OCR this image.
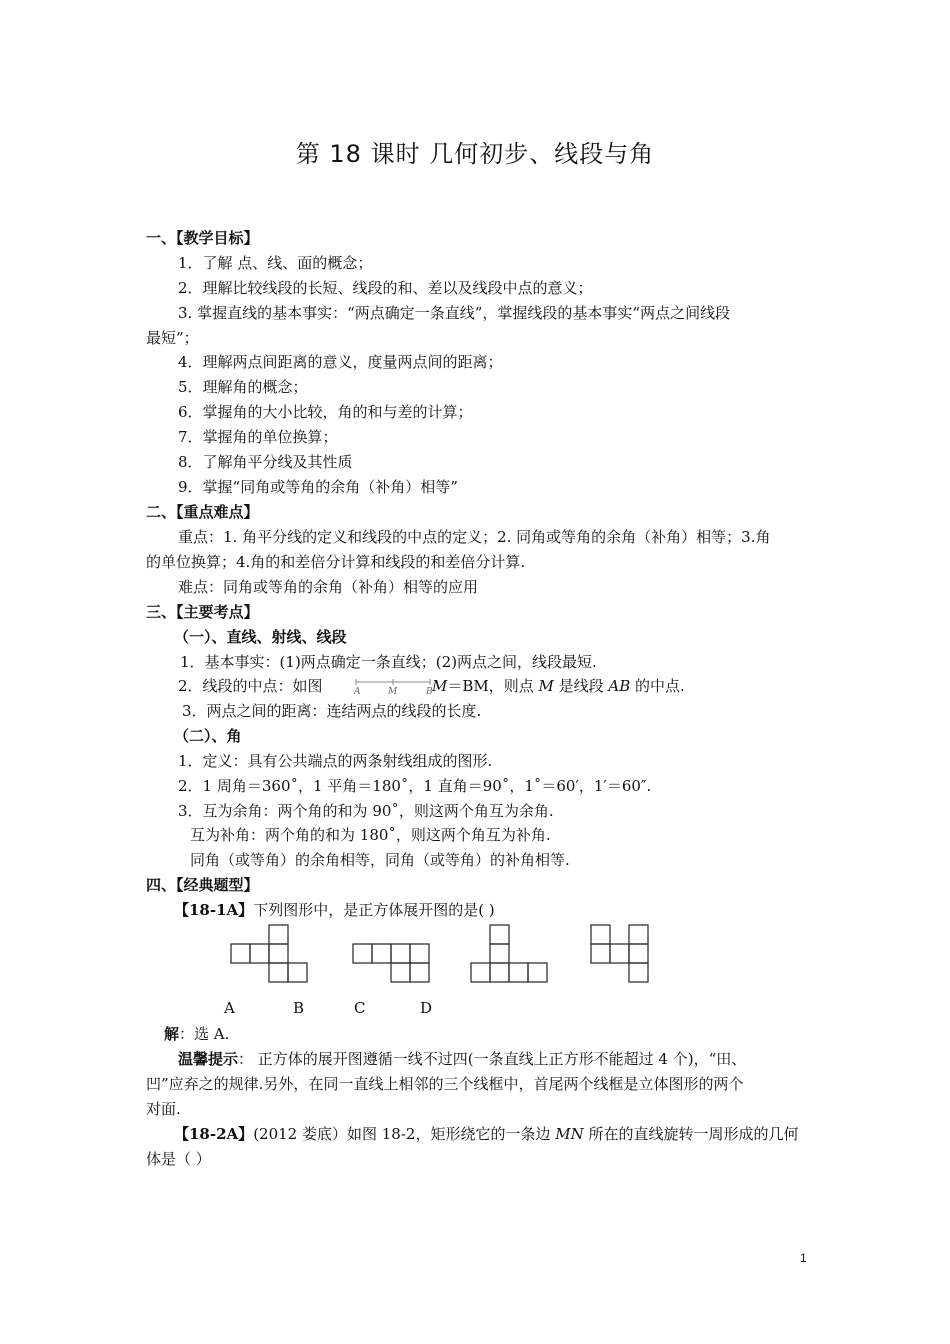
第 18 课时 几何初步、线段与角
一、【教学目标】
1．了解 点、线、面的概念；
2．理解比较线段的长短、线段的和、差以及线段中点的意义；
3. 掌握直线的基本事实：“两点确定一条直线”，掌握线段的基本事实“两点之间线段
最短”；
4．理解两点间距离的意义，度量两点间的距离；
5．理解角的概念；
6．掌握角的大小比较，角的和与差的计算；
7．掌握角的单位换算；
8．了解角平分线及其性质
9．掌握“同角或等角的余角（补角）相等”
二、【重点难点】
重点：1. 角平分线的定义和线段的中点的定义；2. 同角或等角的余角（补角）相等；3.角
的单位换算；4.角的和差倍分计算和线段的和差倍分计算.
难点：同角或等角的余角（补角）相等的应用
三、【主要考点】
（一）、直线、射线、线段
1．基本事实：(1)两点确定一条直线；(2)两点之间，线段最短.
2．线段的中点：如图	A	M	B M＝BM，则点 M 是线段 AB 的中点.
3．两点之间的距离：连结两点的线段的长度.
（二）、角
1．定义：具有公共端点的两条射线组成的图形.
2．1 周角＝360˚，1 平角＝180˚，1 直角＝90˚，1˚＝60′，1′＝60″.
3．互为余角：两个角的和为 90˚，则这两个角互为余角.
互为补角：两个角的和为 180˚，则这两个角互为补角.
同角（或等角）的余角相等，同角（或等角）的补角相等.
四、【经典题型】
【18-1A】下列图形中，是正方体展开图的是( )
A	B	C	D
解：选 A.
温馨提示： 正方体的展开图遵循一线不过四(一条直线上正方形不能超过 4 个)，“田、
凹”应弃之的规律.另外，在同一直线上相邻的三个线框中，首尾两个线框是立体图形的两个
对面.
【18-2A】(2012 娄底）如图 18-2，矩形绕它的一条边 MN 所在的直线旋转一周形成的几何
体是（ ）
1
